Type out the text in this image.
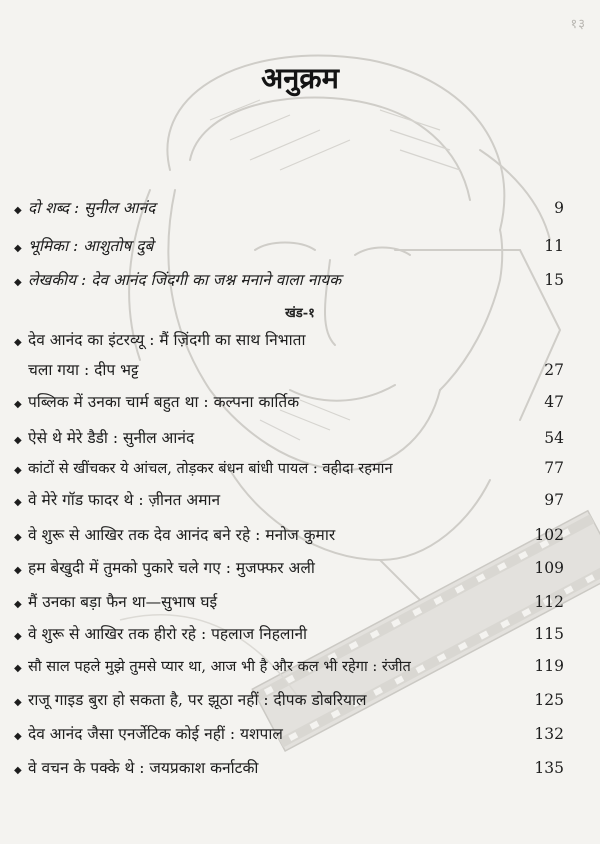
१३
अनुक्रम
◆ दो शब्द : सुनील आनंद	9
◆ भूमिका : आशुतोष दुबे	11
◆ लेखकीय : देव आनंद जिंदगी का जश्न मनाने वाला नायक	15
खंड-१
◆ देव आनंद का इंटरव्यू : मैं ज़िंदगी का साथ निभाता
चला गया : दीप भट्ट	27
◆ पब्लिक में उनका चार्म बहुत था : कल्पना कार्तिक	47
◆ ऐसे थे मेरे डैडी : सुनील आनंद	54
◆ कांटों से खींचकर ये आंचल, तोड़कर बंधन बांधी पायल : वहीदा रहमान	77
◆ वे मेरे गॉड फादर थे : ज़ीनत अमान	97
◆ वे शुरू से आखिर तक देव आनंद बने रहे : मनोज कुमार	102
◆ हम बेखुदी में तुमको पुकारे चले गए : मुजफ्फर अली	109
◆ मैं उनका बड़ा फैन था—सुभाष घई	112
◆ वे शुरू से आखिर तक हीरो रहे : पहलाज निहलानी	115
◆ सौ साल पहले मुझे तुमसे प्यार था, आज भी है और कल भी रहेगा : रंजीत	119
◆ राजू गाइड बुरा हो सकता है, पर झूठा नहीं : दीपक डोबरियाल	125
◆ देव आनंद जैसा एनर्जेटिक कोई नहीं : यशपाल	132
◆ वे वचन के पक्के थे : जयप्रकाश कर्नाटकी	135
